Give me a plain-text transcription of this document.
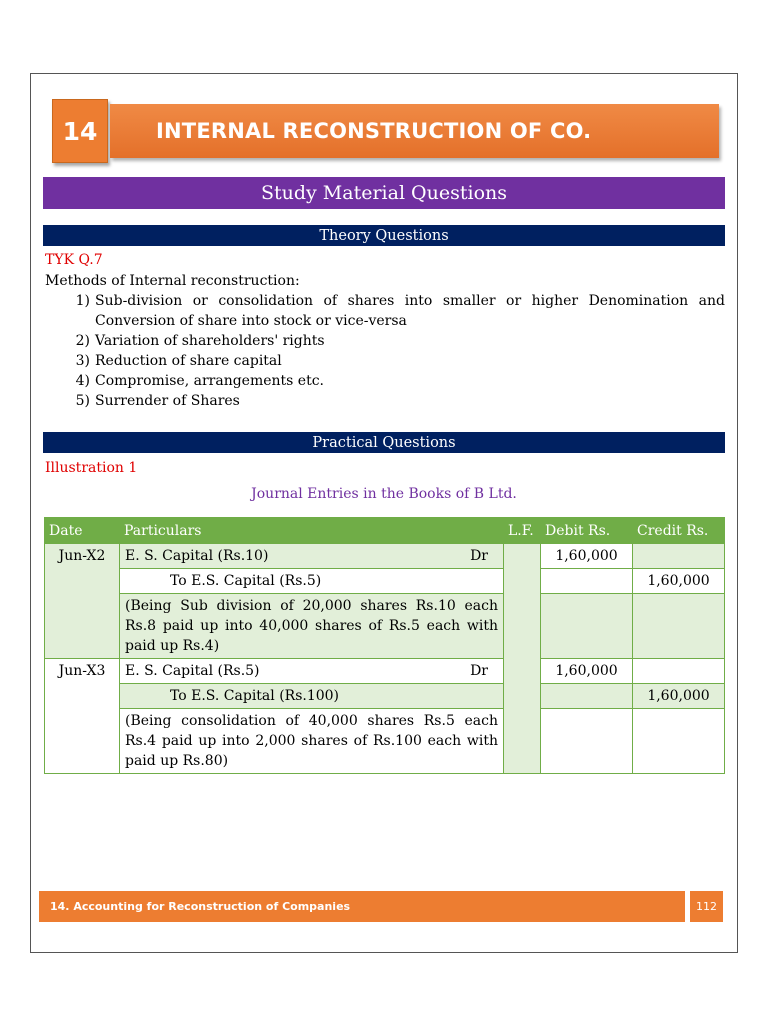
14	INTERNAL RECONSTRUCTION OF CO.
Study Material Questions
Theory Questions
TYK Q.7
Methods of Internal reconstruction:
1) Sub-division or consolidation of shares into smaller or higher Denomination and Conversion of share into stock or vice-versa
2) Variation of shareholders' rights
3) Reduction of share capital
4) Compromise, arrangements etc.
5) Surrender of Shares
Practical Questions
Illustration 1
Journal Entries in the Books of B Ltd.
Date	Particulars	L.F.	Debit Rs.	Credit Rs.
Jun-X2	E. S. Capital (Rs.10) Dr		1,60,000	
	To E.S. Capital (Rs.5)			1,60,000
	(Being Sub division of 20,000 shares Rs.10 each Rs.8 paid up into 40,000 shares of Rs.5 each with paid up Rs.4)			
Jun-X3	E. S. Capital (Rs.5) Dr		1,60,000	
	To E.S. Capital (Rs.100)			1,60,000
	(Being consolidation of 40,000 shares Rs.5 each Rs.4 paid up into 2,000 shares of Rs.100 each with paid up Rs.80)			
14. Accounting for Reconstruction of Companies	112
